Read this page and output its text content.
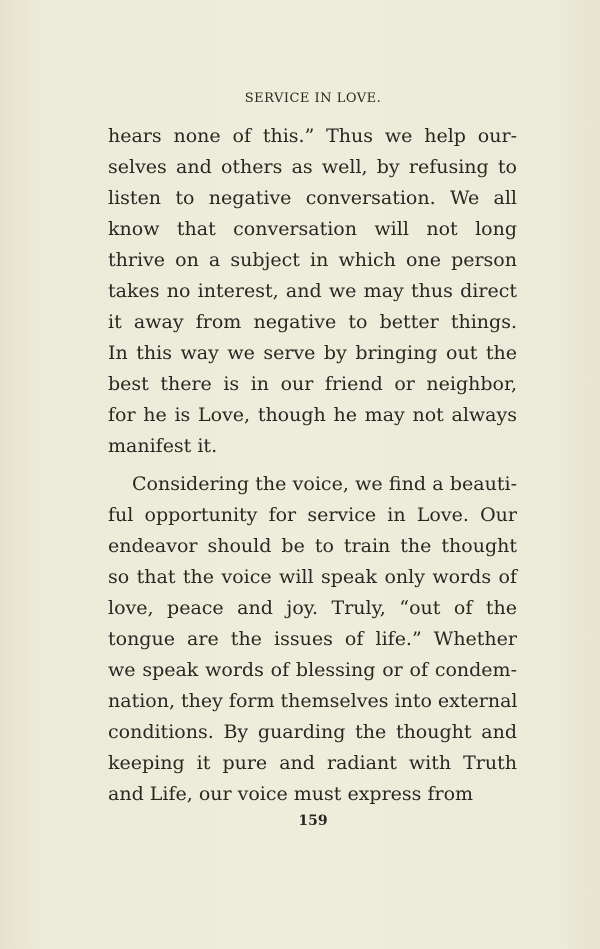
SERVICE IN LOVE.
hears none of this.” Thus we help our-
selves and others as well, by refusing to
listen to negative conversation. We all
know that conversation will not long
thrive on a subject in which one person
takes no interest, and we may thus direct
it away from negative to better things.
In this way we serve by bringing out the
best there is in our friend or neighbor,
for he is Love, though he may not always
manifest it.
Considering the voice, we find a beauti-
ful opportunity for service in Love. Our
endeavor should be to train the thought
so that the voice will speak only words of
love, peace and joy. Truly, “out of the
tongue are the issues of life.” Whether
we speak words of blessing or of condem-
nation, they form themselves into external
conditions. By guarding the thought and
keeping it pure and radiant with Truth
and Life, our voice must express from
159
